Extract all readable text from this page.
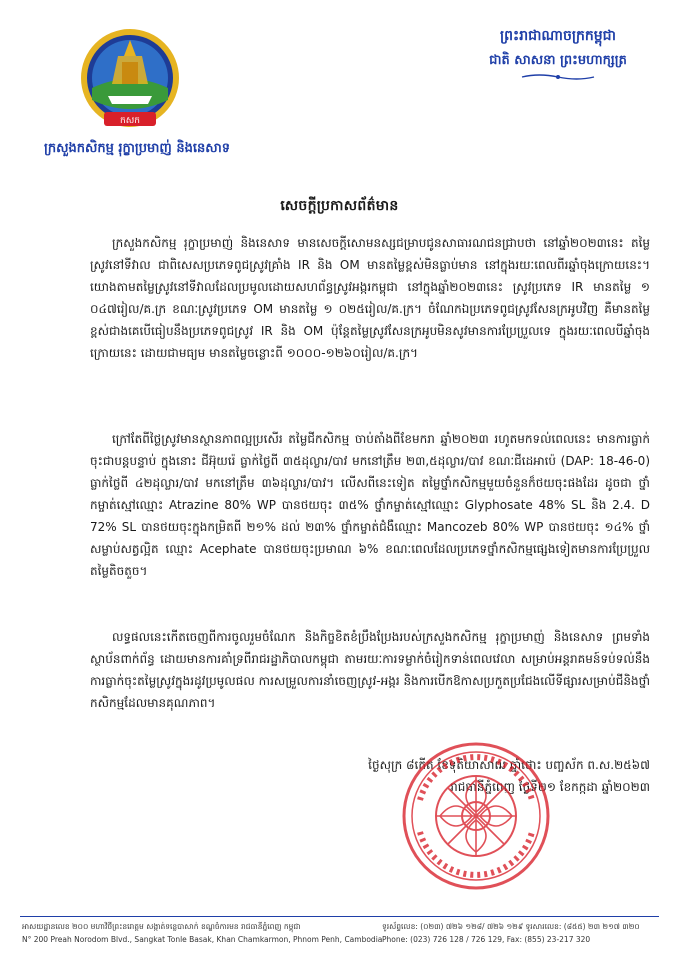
កសក
ក្រសួងកសិកម្ម រុក្ខាប្រមាញ់ និងនេសាទ
ព្រះរាជាណាចក្រកម្ពុជា
ជាតិ សាសនា ព្រះមហាក្សត្រ
សេចក្តីប្រកាសព័ត៌មាន
ក្រសួងកសិកម្ម រុក្ខាប្រមាញ់ និងនេសាទ មានសេចក្តីសោមនស្សជម្រាបជូនសាធារណជនជ្រាបថា នៅឆ្នាំ២០២៣នេះ តម្លៃស្រូវនៅទីវាល ជាពិសេសប្រភេទពូជស្រូវគ្រាំង IR និង OM មានតម្លៃខ្ពស់មិនធ្លាប់មាន នៅក្នុងរយៈពេលពីរឆ្នាំចុងក្រោយនេះ។ យោងតាមតម្លៃស្រូវនៅទីវាលដែលប្រមូលដោយសហព័ន្ធស្រូវអង្ករកម្ពុជា នៅក្នុងឆ្នាំ២០២៣នេះ ស្រូវប្រភេទ IR មានតម្លៃ ១ ០៤៧រៀល/គ.ក្រ ខណៈស្រូវប្រភេទ OM មានតម្លៃ ១ ០២៥រៀល/គ.ក្រ។ ចំណែកឯប្រភេទពូជស្រូវសែនក្រអូបវិញ គឺមានតម្លៃខ្ពស់ជាងគេបើធៀបនឹងប្រភេទពូជស្រូវ IR និង OM ប៉ុន្តែតម្លៃស្រូវសែនក្រអូបមិនសូវមានការប្រែប្រួលទេ ក្នុងរយៈពេលបីឆ្នាំចុងក្រោយនេះ ដោយជាមធ្យម មានតម្លៃចន្លោះពី ១០០០-១២៦០រៀល/គ.ក្រ។
ក្រៅតែពីថ្លៃស្រូវមានស្ថានភាពល្អប្រសើរ តម្លៃជីកសិកម្ម ចាប់តាំងពីខែមករា ឆ្នាំ២០២៣ រហូតមកទល់ពេលនេះ មានការធ្លាក់ចុះជាបន្តបន្ទាប់ ក្នុងនោះ ជីអ៊ុយរ៉េ ធ្លាក់ថ្លៃពី ៣៥ដុល្លារ/បាវ មកនៅត្រឹម ២៣,៥ដុល្លារ/បាវ ខណៈជីដេអាប៉េ (DAP: 18-46-0) ធ្លាក់ថ្លៃពី ៤២ដុល្លារ/បាវ មកនៅត្រឹម ៣៦ដុល្លារ/បាវ។ លើសពីនេះទៀត តម្លៃថ្នាំកសិកម្មមួយចំនួនក៏ថយចុះផងដែរ ដូចជា ថ្នាំកម្ចាត់ស្មៅឈ្មោះ Atrazine 80% WP បានថយចុះ ៣៥% ថ្នាំកម្ចាត់ស្មៅឈ្មោះ Glyphosate 48% SL និង 2.4. D 72% SL បានថយចុះក្នុងកម្រិតពី ២១% ដល់ ២៣% ថ្នាំកម្ចាត់ជំងឺឈ្មោះ Mancozeb 80% WP បានថយចុះ ១៤% ថ្នាំសម្លាប់សត្វល្អិត ឈ្មោះ Acephate បានថយចុះប្រមាណ ៦% ខណៈពេលដែលប្រភេទថ្នាំកសិកម្មផ្សេងទៀតមានការប្រែប្រួលតម្លៃតិចតួច។
លទ្ធផលនេះកើតចេញពីការចូលរួមចំណែក និងកិច្ចខិតខំប្រឹងប្រែងរបស់ក្រសួងកសិកម្ម រុក្ខាប្រមាញ់ និងនេសាទ ព្រមទាំងស្ថាប័នពាក់ព័ន្ធ ដោយមានការគាំទ្រពីរាជរដ្ឋាភិបាលកម្ពុជា តាមរយៈការទម្លាក់ចំរៀកទាន់ពេលវេលា សម្រាប់អន្តរាគមន៍ទប់ទល់នឹងការធ្លាក់ចុះតម្លៃស្រូវក្នុងរដូវប្រមូលផល ការសម្រួលការនាំចេញស្រូវ-អង្ករ និងការបើកឱកាសប្រកួតប្រជែងលើទីផ្សារសម្រាប់ជីនិងថ្នាំកសិកម្មដែលមានគុណភាព។
ថ្ងៃសុក្រ ៨កើត ខែទុតិយាសាឍ ឆ្នាំថោះ បញ្ចស័ក ព.ស.២៥៦៧
រាជធានីភ្នំពេញ ថ្ងៃទី២១ ខែកក្កដា ឆ្នាំ២០២៣
អាសយដ្ឋានលេខ ២០០ មហាវិថីព្រះនរោត្តម សង្កាត់ទន្លេបាសាក់ ខណ្ឌចំការមន រាជធានីភ្នំពេញ កម្ពុជា
N° 200 Preah Norodom Blvd., Sangkat Tonle Basak, Khan Chamkarmon, Phnom Penh, Cambodia
ទូរស័ព្ទលេខ: (០២៣) ៧២៦ ១២៨/ ៧២៦ ១២៩ ទូរសារលេខ: (៨៥៥) ២៣ ២១៧ ៣២០
Phone: (023) 726 128 / 726 129, Fax: (855) 23-217 320
